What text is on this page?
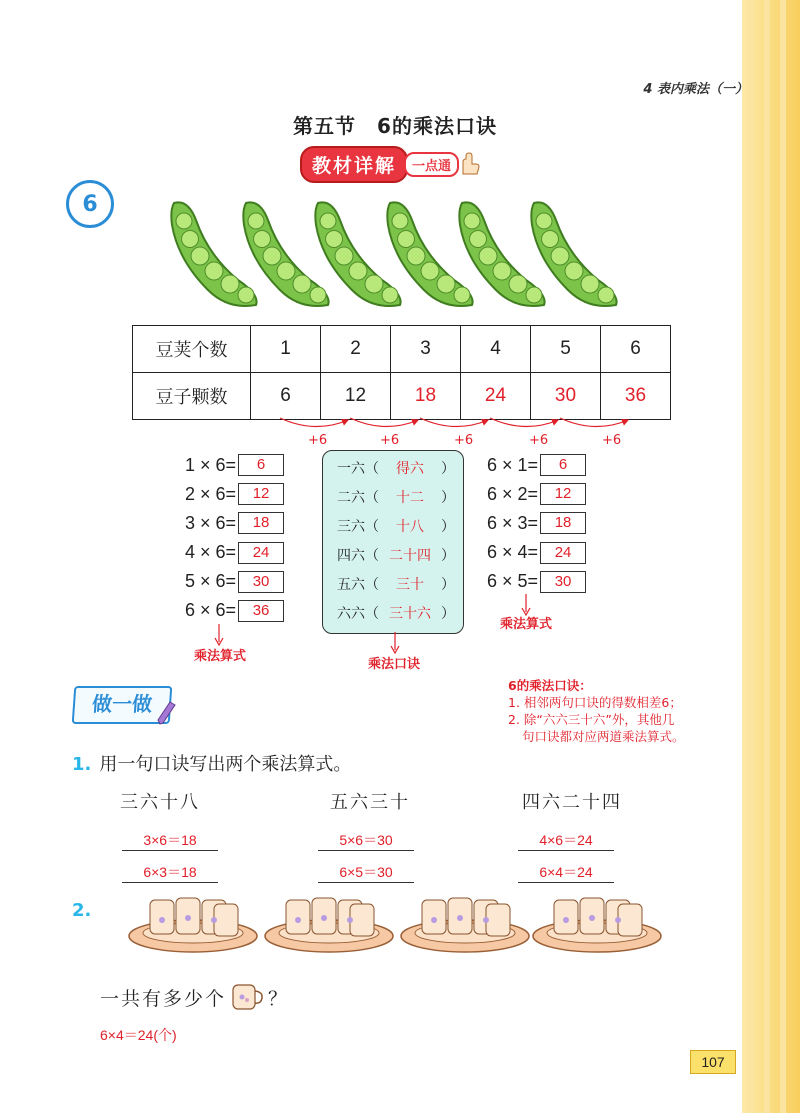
4 表内乘法（一）
第五节　6的乘法口诀
教材详解	一点通
6
豆荚个数	1	2	3	4	5	6
豆子颗数	6	12	18	24	30	36
+6	+6	+6	+6	+6
1 × 6=	6
2 × 6=	12
3 × 6=	18
4 × 6=	24
5 × 6=	30
6 × 6=	36
乘法算式
一六（	得六	）
二六（	十二	）
三六（	十八	）
四六（ 二十四 ）
五六（	三十	）
六六（ 三十六 ）
乘法口诀
6 × 1=	6
6 × 2=	12
6 × 3=	18
6 × 4=	24
6 × 5=	30
乘法算式
6的乘法口诀：
1. 相邻两句口诀的得数相差6；
2. 除“六六三十六”外，其他几
句口诀都对应两道乘法算式。
做一做
1. 用一句口诀写出两个乘法算式。
三六十八	五六三十	四六二十四
3×6＝18
6×3＝18
5×6＝30
6×5＝30
4×6＝24
6×4＝24
2.
一共有多少个 ？
6×4＝24(个)
107
